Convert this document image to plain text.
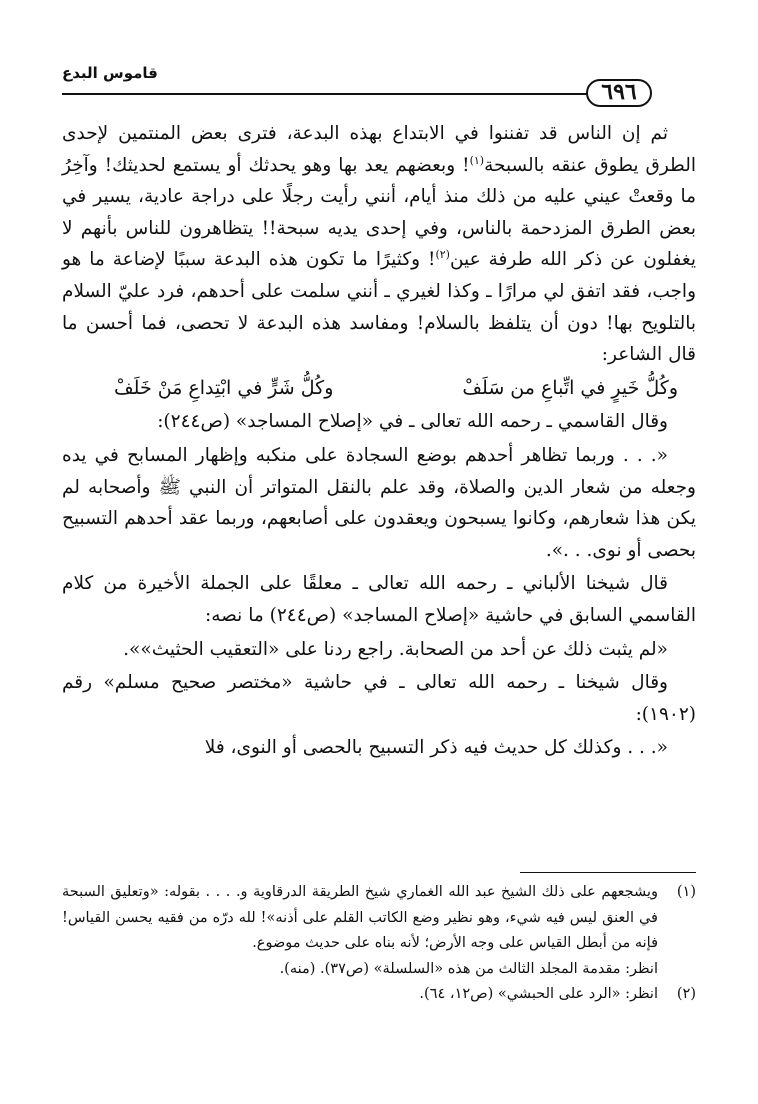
قاموس البدع
٦٩٦

ثم إن الناس قد تفننوا في الابتداع بهذه البدعة، فترى بعض المنتمين لإحدى الطرق يطوق عنقه بالسبحة$^{(١)}$! وبعضهم يعد بها وهو يحدثك أو يستمع لحديثك! وآخِرُ ما وقعتْ عيني عليه من ذلك منذ أيام، أنني رأيت رجلًا على دراجة عادية، يسير في بعض الطرق المزدحمة بالناس، وفي إحدى يديه سبحة!! يتظاهرون للناس بأنهم لا يغفلون عن ذكر الله طرفة عين$^{(٢)}$! وكثيرًا ما تكون هذه البدعة سببًا لإضاعة ما هو واجب، فقد اتفق لي مرارًا ـ وكذا لغيري ـ أنني سلمت على أحدهم، فرد عليّ السلام بالتلويح بها! دون أن يتلفظ بالسلام! ومفاسد هذه البدعة لا تحصى، فما أحسن ما قال الشاعر:

وكُلُّ خَيرٍ في اتِّباعِ من سَلَفْ
وكُلُّ شَرٍّ في ابْتِداعِ مَنْ خَلَفْ

وقال القاسمي ـ رحمه الله تعالى ـ في «إصلاح المساجد» (ص٢٤٤):

«. . . وربما تظاهر أحدهم بوضع السجادة على منكبه وإظهار المسابح في يده وجعله من شعار الدين والصلاة، وقد علم بالنقل المتواتر أن النبي ﷺ وأصحابه لم يكن هذا شعارهم، وكانوا يسبحون ويعقدون على أصابعهم، وربما عقد أحدهم التسبيح بحصى أو نوى. . .».

قال شيخنا الألباني ـ رحمه الله تعالى ـ معلقًا على الجملة الأخيرة من كلام القاسمي السابق في حاشية «إصلاح المساجد» (ص٢٤٤) ما نصه:

«لم يثبت ذلك عن أحد من الصحابة. راجع ردنا على «التعقيب الحثيث»».

وقال شيخنا ـ رحمه الله تعالى ـ في حاشية «مختصر صحيح مسلم» رقم (١٩٠٢):

«. . . وكذلك كل حديث فيه ذكر التسبيح بالحصى أو النوى، فلا

(١)

ويشجعهم على ذلك الشيخ عبد الله الغماري شيخ الطريقة الدرقاوية و. . . . بقوله: «وتعليق السبحة في العنق ليس فيه شيء، وهو نظير وضع الكاتب القلم على أذنه»! لله درّه من فقيه يحسن القياس! فإنه من أبطل القياس على وجه الأرض؛ لأنه بناه على حديث موضوع.

انظر: مقدمة المجلد الثالث من هذه «السلسلة» (ص٣٧). (منه).

(٢)

انظر: «الرد على الحبشي» (ص١٢، ٦٤).
